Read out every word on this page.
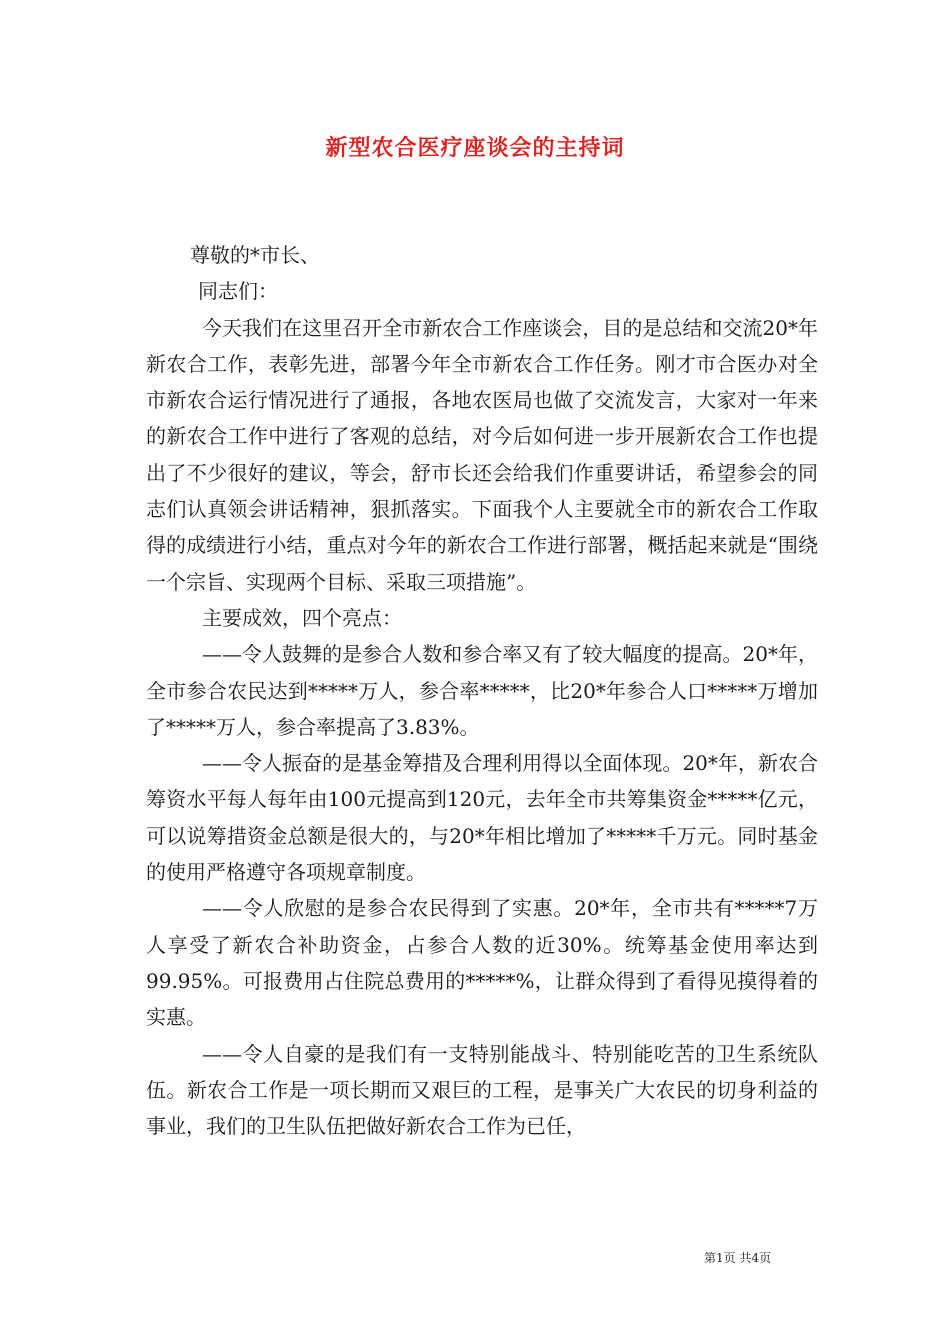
新型农合医疗座谈会的主持词

尊敬的*市长、

同志们：

今天我们在这里召开全市新农合工作座谈会，目的是总结和交流20*年新农合工作，表彰先进，部署今年全市新农合工作任务。刚才市合医办对全市新农合运行情况进行了通报，各地农医局也做了交流发言，大家对一年来的新农合工作中进行了客观的总结，对今后如何进一步开展新农合工作也提出了不少很好的建议，等会，舒市长还会给我们作重要讲话，希望参会的同志们认真领会讲话精神，狠抓落实。下面我个人主要就全市的新农合工作取得的成绩进行小结，重点对今年的新农合工作进行部署，概括起来就是“围绕一个宗旨、实现两个目标、采取三项措施”。

主要成效，四个亮点：

——令人鼓舞的是参合人数和参合率又有了较大幅度的提高。20*年，全市参合农民达到*****万人，参合率*****，比20*年参合人口*****万增加了*****万人，参合率提高了3.83%。

——令人振奋的是基金筹措及合理利用得以全面体现。20*年，新农合筹资水平每人每年由100元提高到120元，去年全市共筹集资金*****亿元，可以说筹措资金总额是很大的，与20*年相比增加了*****千万元。同时基金的使用严格遵守各项规章制度。

——令人欣慰的是参合农民得到了实惠。20*年，全市共有*****7万人享受了新农合补助资金，占参合人数的近30%。统筹基金使用率达到99.95%。可报费用占住院总费用的*****%，让群众得到了看得见摸得着的实惠。

——令人自豪的是我们有一支特别能战斗、特别能吃苦的卫生系统队伍。新农合工作是一项长期而又艰巨的工程，是事关广大农民的切身利益的事业，我们的卫生队伍把做好新农合工作为已任，

第1页 共4页
